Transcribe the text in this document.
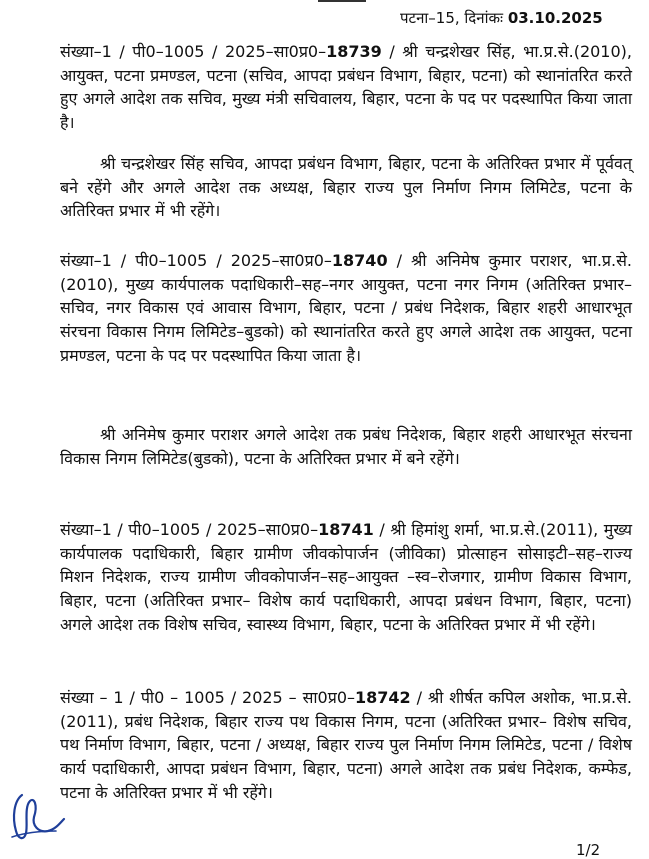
पटना–15, दिनांकः 03.10.2025
संख्या–1 / पी0–1005 / 2025–सा0प्र0–18739 / श्री चन्द्रशेखर सिंह, भा.प्र.से.(2010), आयुक्त, पटना प्रमण्डल, पटना (सचिव, आपदा प्रबंधन विभाग, बिहार, पटना) को स्थानांतरित करते हुए अगले आदेश तक सचिव, मुख्य मंत्री सचिवालय, बिहार, पटना के पद पर पदस्थापित किया जाता है।
श्री चन्द्रशेखर सिंह सचिव, आपदा प्रबंधन विभाग, बिहार, पटना के अतिरिक्त प्रभार में पूर्ववत् बने रहेंगे और अगले आदेश तक अध्यक्ष, बिहार राज्य पुल निर्माण निगम लिमिटेड, पटना के अतिरिक्त प्रभार में भी रहेंगे।
संख्या–1 / पी0–1005 / 2025–सा0प्र0–18740 / श्री अनिमेष कुमार पराशर, भा.प्र.से. (2010), मुख्य कार्यपालक पदाधिकारी–सह–नगर आयुक्त, पटना नगर निगम (अतिरिक्त प्रभार– सचिव, नगर विकास एवं आवास विभाग, बिहार, पटना / प्रबंध निदेशक, बिहार शहरी आधारभूत संरचना विकास निगम लिमिटेड–बुडको) को स्थानांतरित करते हुए अगले आदेश तक आयुक्त, पटना प्रमण्डल, पटना के पद पर पदस्थापित किया जाता है।
श्री अनिमेष कुमार पराशर अगले आदेश तक प्रबंध निदेशक, बिहार शहरी आधारभूत संरचना विकास निगम लिमिटेड(बुडको), पटना के अतिरिक्त प्रभार में बने रहेंगे।
संख्या–1 / पी0–1005 / 2025–सा0प्र0–18741 / श्री हिमांशु शर्मा, भा.प्र.से.(2011), मुख्य कार्यपालक पदाधिकारी, बिहार ग्रामीण जीवकोपार्जन (जीविका) प्रोत्साहन सोसाइटी–सह–राज्य मिशन निदेशक, राज्य ग्रामीण जीवकोपार्जन–सह–आयुक्त –स्व–रोजगार, ग्रामीण विकास विभाग, बिहार, पटना (अतिरिक्त प्रभार– विशेष कार्य पदाधिकारी, आपदा प्रबंधन विभाग, बिहार, पटना) अगले आदेश तक विशेष सचिव, स्वास्थ्य विभाग, बिहार, पटना के अतिरिक्त प्रभार में भी रहेंगे।
संख्या – 1 / पी0 – 1005 / 2025 – सा0प्र0–18742 / श्री शीर्षत कपिल अशोक, भा.प्र.से.(2011), प्रबंध निदेशक, बिहार राज्य पथ विकास निगम, पटना (अतिरिक्त प्रभार– विशेष सचिव, पथ निर्माण विभाग, बिहार, पटना / अध्यक्ष, बिहार राज्य पुल निर्माण निगम लिमिटेड, पटना / विशेष कार्य पदाधिकारी, आपदा प्रबंधन विभाग, बिहार, पटना) अगले आदेश तक प्रबंध निदेशक, कम्फेड, पटना के अतिरिक्त प्रभार में भी रहेंगे।
1/2
